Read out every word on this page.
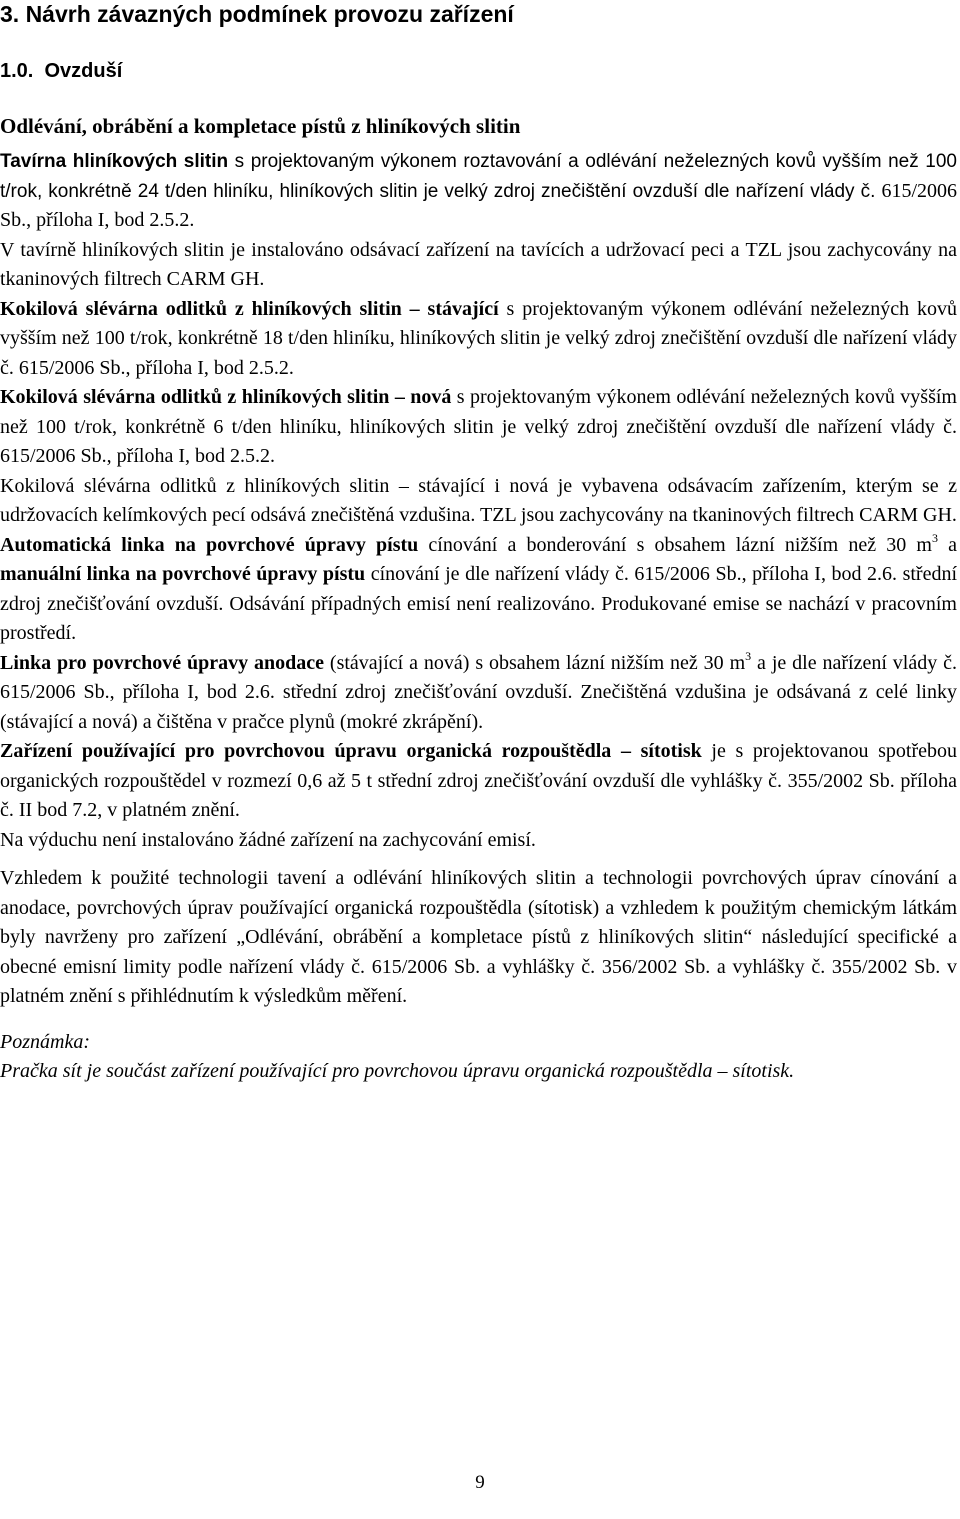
3. Návrh závazných podmínek provozu zařízení
1.0. Ovzduší
Odlévání, obrábění a kompletace pístů z hliníkových slitin

Tavírna hliníkových slitin s projektovaným výkonem roztavování a odlévání neželezných kovů vyšším než 100 t/rok, konkrétně 24 t/den hliníku, hliníkových slitin je velký zdroj znečištění ovzduší dle nařízení vlády č. 615/2006 Sb., příloha I, bod 2.5.2.

V tavírně hliníkových slitin je instalováno odsávací zařízení na tavících a udržovací peci a TZL jsou zachycovány na tkaninových filtrech CARM GH.

Kokilová slévárna odlitků z hliníkových slitin – stávající s projektovaným výkonem odlévání neželezných kovů vyšším než 100 t/rok, konkrétně 18 t/den hliníku, hliníkových slitin je velký zdroj znečištění ovzduší dle nařízení vlády č. 615/2006 Sb., příloha I, bod 2.5.2.

Kokilová slévárna odlitků z hliníkových slitin – nová s projektovaným výkonem odlévání neželezných kovů vyšším než 100 t/rok, konkrétně 6 t/den hliníku, hliníkových slitin je velký zdroj znečištění ovzduší dle nařízení vlády č. 615/2006 Sb., příloha I, bod 2.5.2.

Kokilová slévárna odlitků z hliníkových slitin – stávající i nová je vybavena odsávacím zařízením, kterým se z udržovacích kelímkových pecí odsává znečištěná vzdušina. TZL jsou zachycovány na tkaninových filtrech CARM GH.

Automatická linka na povrchové úpravy pístu cínování a bonderování s obsahem lázní nižším než 30 $m^3$ a manuální linka na povrchové úpravy pístu cínování je dle nařízení vlády č. 615/2006 Sb., příloha I, bod 2.6. střední zdroj znečišťování ovzduší. Odsávání případných emisí není realizováno. Produkované emise se nachází v pracovním prostředí.

Linka pro povrchové úpravy anodace (stávající a nová) s obsahem lázní nižším než 30 $m^3$ a je dle nařízení vlády č. 615/2006 Sb., příloha I, bod 2.6. střední zdroj znečišťování ovzduší. Znečištěná vzdušina je odsávaná z celé linky (stávající a nová) a čištěna v pračce plynů (mokré zkrápění).

Zařízení používající pro povrchovou úpravu organická rozpouštědla – sítotisk je s projektovanou spotřebou organických rozpouštědel v rozmezí 0,6 až 5 t střední zdroj znečišťování ovzduší dle vyhlášky č. 355/2002 Sb. příloha č. II bod 7.2, v platném znění.

Na výduchu není instalováno žádné zařízení na zachycování emisí.

Vzhledem k použité technologii tavení a odlévání hliníkových slitin a technologii povrchových úprav cínování a anodace, povrchových úprav používající organická rozpouštědla (sítotisk) a vzhledem k použitým chemickým látkám byly navrženy pro zařízení „Odlévání, obrábění a kompletace pístů z hliníkových slitin“ následující specifické a obecné emisní limity podle nařízení vlády č. 615/2006 Sb. a vyhlášky č. 356/2002 Sb. a vyhlášky č. 355/2002 Sb. v platném znění s přihlédnutím k výsledkům měření.

Poznámka:

Pračka sít je součást zařízení používající pro povrchovou úpravu organická rozpouštědla – sítotisk.

9
